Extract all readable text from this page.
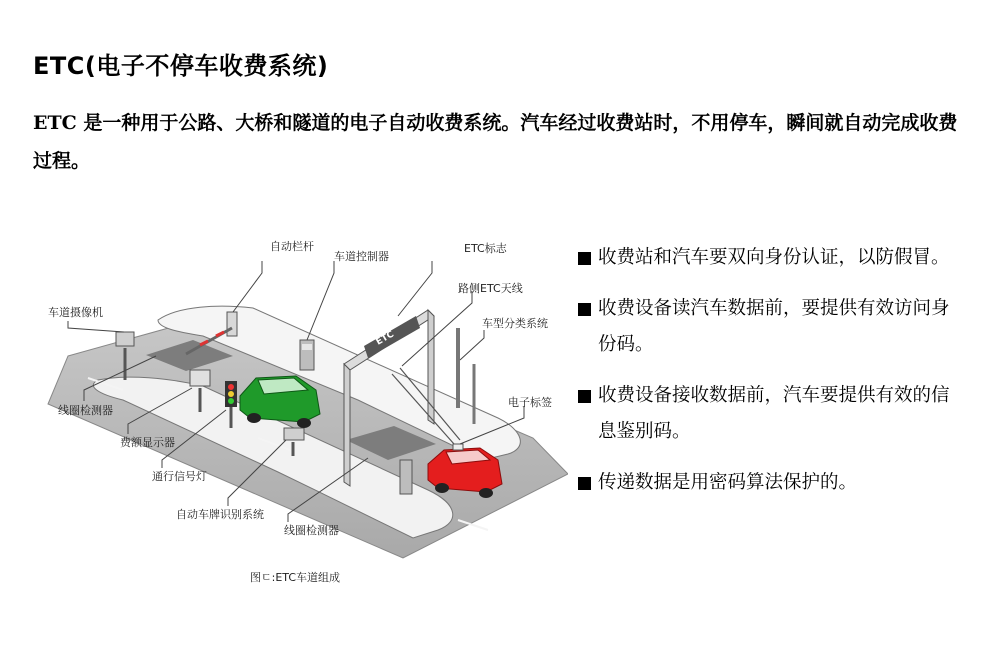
ETC(电子不停车收费系统)
ETC 是一种用于公路、大桥和隧道的电子自动收费系统。汽车经过收费站时，不用停车，瞬间就自动完成收费过程。
ETC
自动栏杆
车道控制器
ETC标志
路侧ETC天线
车道摄像机
车型分类系统
线圈检测器
电子标签
费额显示器
通行信号灯
自动车牌识别系统
线圈检测器
图ㄷ:ETC车道组成
收费站和汽车要双向身份认证，以防假冒。
收费设备读汽车数据前，要提供有效访问身份码。
收费设备接收数据前，汽车要提供有效的信息鉴别码。
传递数据是用密码算法保护的。
